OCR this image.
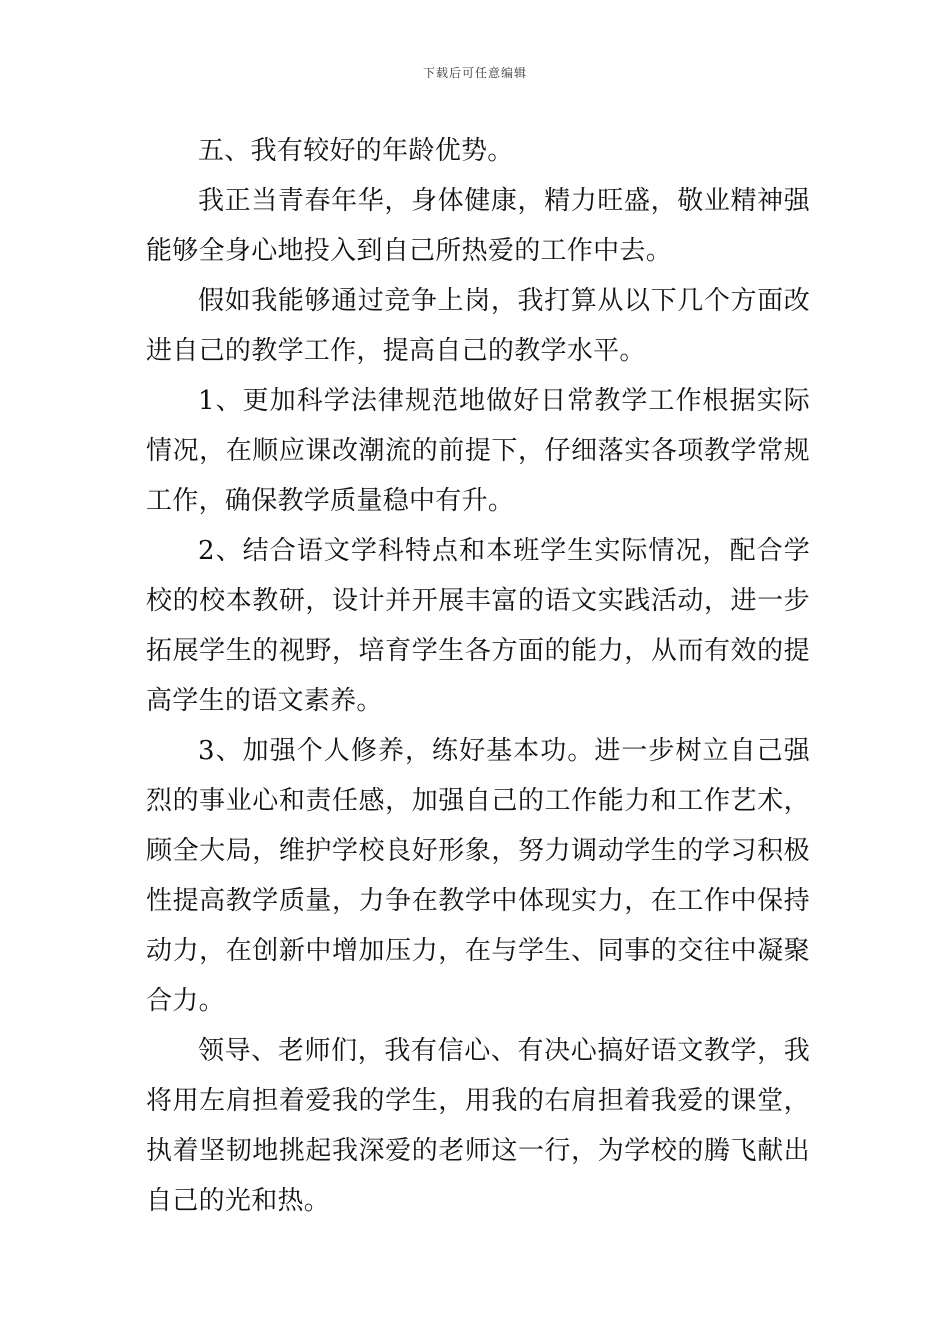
下载后可任意编辑

五、我有较好的年龄优势。

我正当青春年华，身体健康，精力旺盛，敬业精神强能够全身心地投入到自己所热爱的工作中去。

假如我能够通过竞争上岗，我打算从以下几个方面改进自己的教学工作，提高自己的教学水平。

1、更加科学法律规范地做好日常教学工作根据实际情况，在顺应课改潮流的前提下，仔细落实各项教学常规工作，确保教学质量稳中有升。

2、结合语文学科特点和本班学生实际情况，配合学校的校本教研，设计并开展丰富的语文实践活动，进一步拓展学生的视野，培育学生各方面的能力，从而有效的提高学生的语文素养。

3、加强个人修养，练好基本功。进一步树立自己强烈的事业心和责任感，加强自己的工作能力和工作艺术，顾全大局，维护学校良好形象，努力调动学生的学习积极性提高教学质量，力争在教学中体现实力，在工作中保持动力，在创新中增加压力，在与学生、同事的交往中凝聚合力。

领导、老师们，我有信心、有决心搞好语文教学，我将用左肩担着爱我的学生，用我的右肩担着我爱的课堂，执着坚韧地挑起我深爱的老师这一行，为学校的腾飞献出自己的光和热。
